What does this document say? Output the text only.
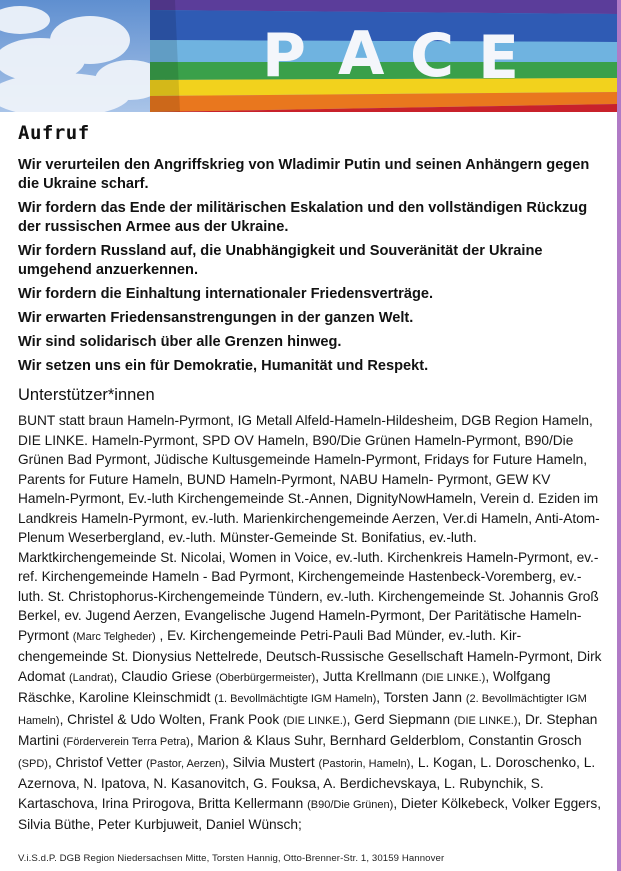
P A C E
Aufruf
Wir verurteilen den Angriffskrieg von Wladimir Putin und seinen Anhängern gegen die Ukraine scharf.
Wir fordern das Ende der militärischen Eskalation und den vollständigen Rückzug der russischen Armee aus der Ukraine.
Wir fordern Russland auf, die Unabhängigkeit und Souveränität der Ukraine umgehend anzuerkennen.
Wir fordern die Einhaltung internationaler Friedensverträge.
Wir erwarten Friedensanstrengungen in der ganzen Welt.
Wir sind solidarisch über alle Grenzen hinweg.
Wir setzen uns ein für Demokratie, Humanität und Respekt.
Unterstützer*innen

BUNT statt braun Hameln-Pyrmont, IG Metall Alfeld-Hameln-Hildesheim, DGB Region Hameln, DIE LINKE. Hameln-Pyrmont, SPD OV Hameln, B90/Die Grünen Hameln-Pyrmont, B90/Die Grünen Bad Pyrmont, Jüdische Kultusgemeinde Hameln-Pyrmont, Fridays for Future Hameln, Parents for Future Hameln, BUND Hameln-Pyrmont, NABU Hameln- Pyrmont, GEW KV Hameln-Pyrmont, Ev.-luth Kirchengemeinde St.-Annen, DignityNowHameln, Verein d. Eziden im Landkreis Hameln-Pyrmont, ev.-luth. Marienkirchengemeinde Aerzen, Ver.di Hameln, Anti-Atom-Plenum Weserbergland, ev.-luth. Münster-Gemeinde St. Bonifatius, ev.-luth. Marktkirchengemeinde St. Nicolai, Women in Voice, ev.-luth. Kirchenkreis Hameln-Pyrmont, ev.-ref. Kirchengemeinde Hameln - Bad Pyrmont, Kirchengemeinde Hastenbeck-Voremberg, ev.-luth. St. Christophorus-Kirchengemeinde Tündern, ev.-luth. Kirchengemeinde St. Johannis Groß Berkel, ev. Jugend Aerzen, Evangelische Jugend Hameln-Pyrmont, Der Paritätische Hameln-Pyrmont (Marc Telgheder) , Ev. Kirchengemeinde Petri-Pauli Bad Münder, ev.-luth. Kir-chengemeinde St. Dionysius Nettelrede, Deutsch-Russische Gesellschaft Hameln-Pyrmont, Dirk Adomat (Landrat), Claudio Griese (Oberbürgermeister), Jutta Krellmann (DIE LINKE.), Wolfgang Räschke, Karoline Kleinschmidt (1. Bevollmächtigte IGM Hameln), Torsten Jann (2. Bevollmächtigter IGM Hameln), Christel & Udo Wolten, Frank Pook (DIE LINKE.), Gerd Siepmann (DIE LINKE.), Dr. Stephan Martini (Förderverein Terra Petra), Marion & Klaus Suhr, Bernhard Gelderblom, Constantin Grosch (SPD), Christof Vetter (Pastor, Aerzen), Silvia Mustert (Pastorin, Hameln), L. Kogan, L. Doroschenko, L. Azernova, N. Ipatova, N. Kasanovitch, G. Fouksa, A. Berdichevskaya, L. Rubynchik, S. Kartaschova, Irina Prirogova, Britta Kellermann (B90/Die Grünen), Dieter Kölkebeck, Volker Eggers, Silvia Büthe, Peter Kurbjuweit, Daniel Wünsch;

V.i.S.d.P. DGB Region Niedersachsen Mitte, Torsten Hannig, Otto-Brenner-Str. 1, 30159 Hannover
